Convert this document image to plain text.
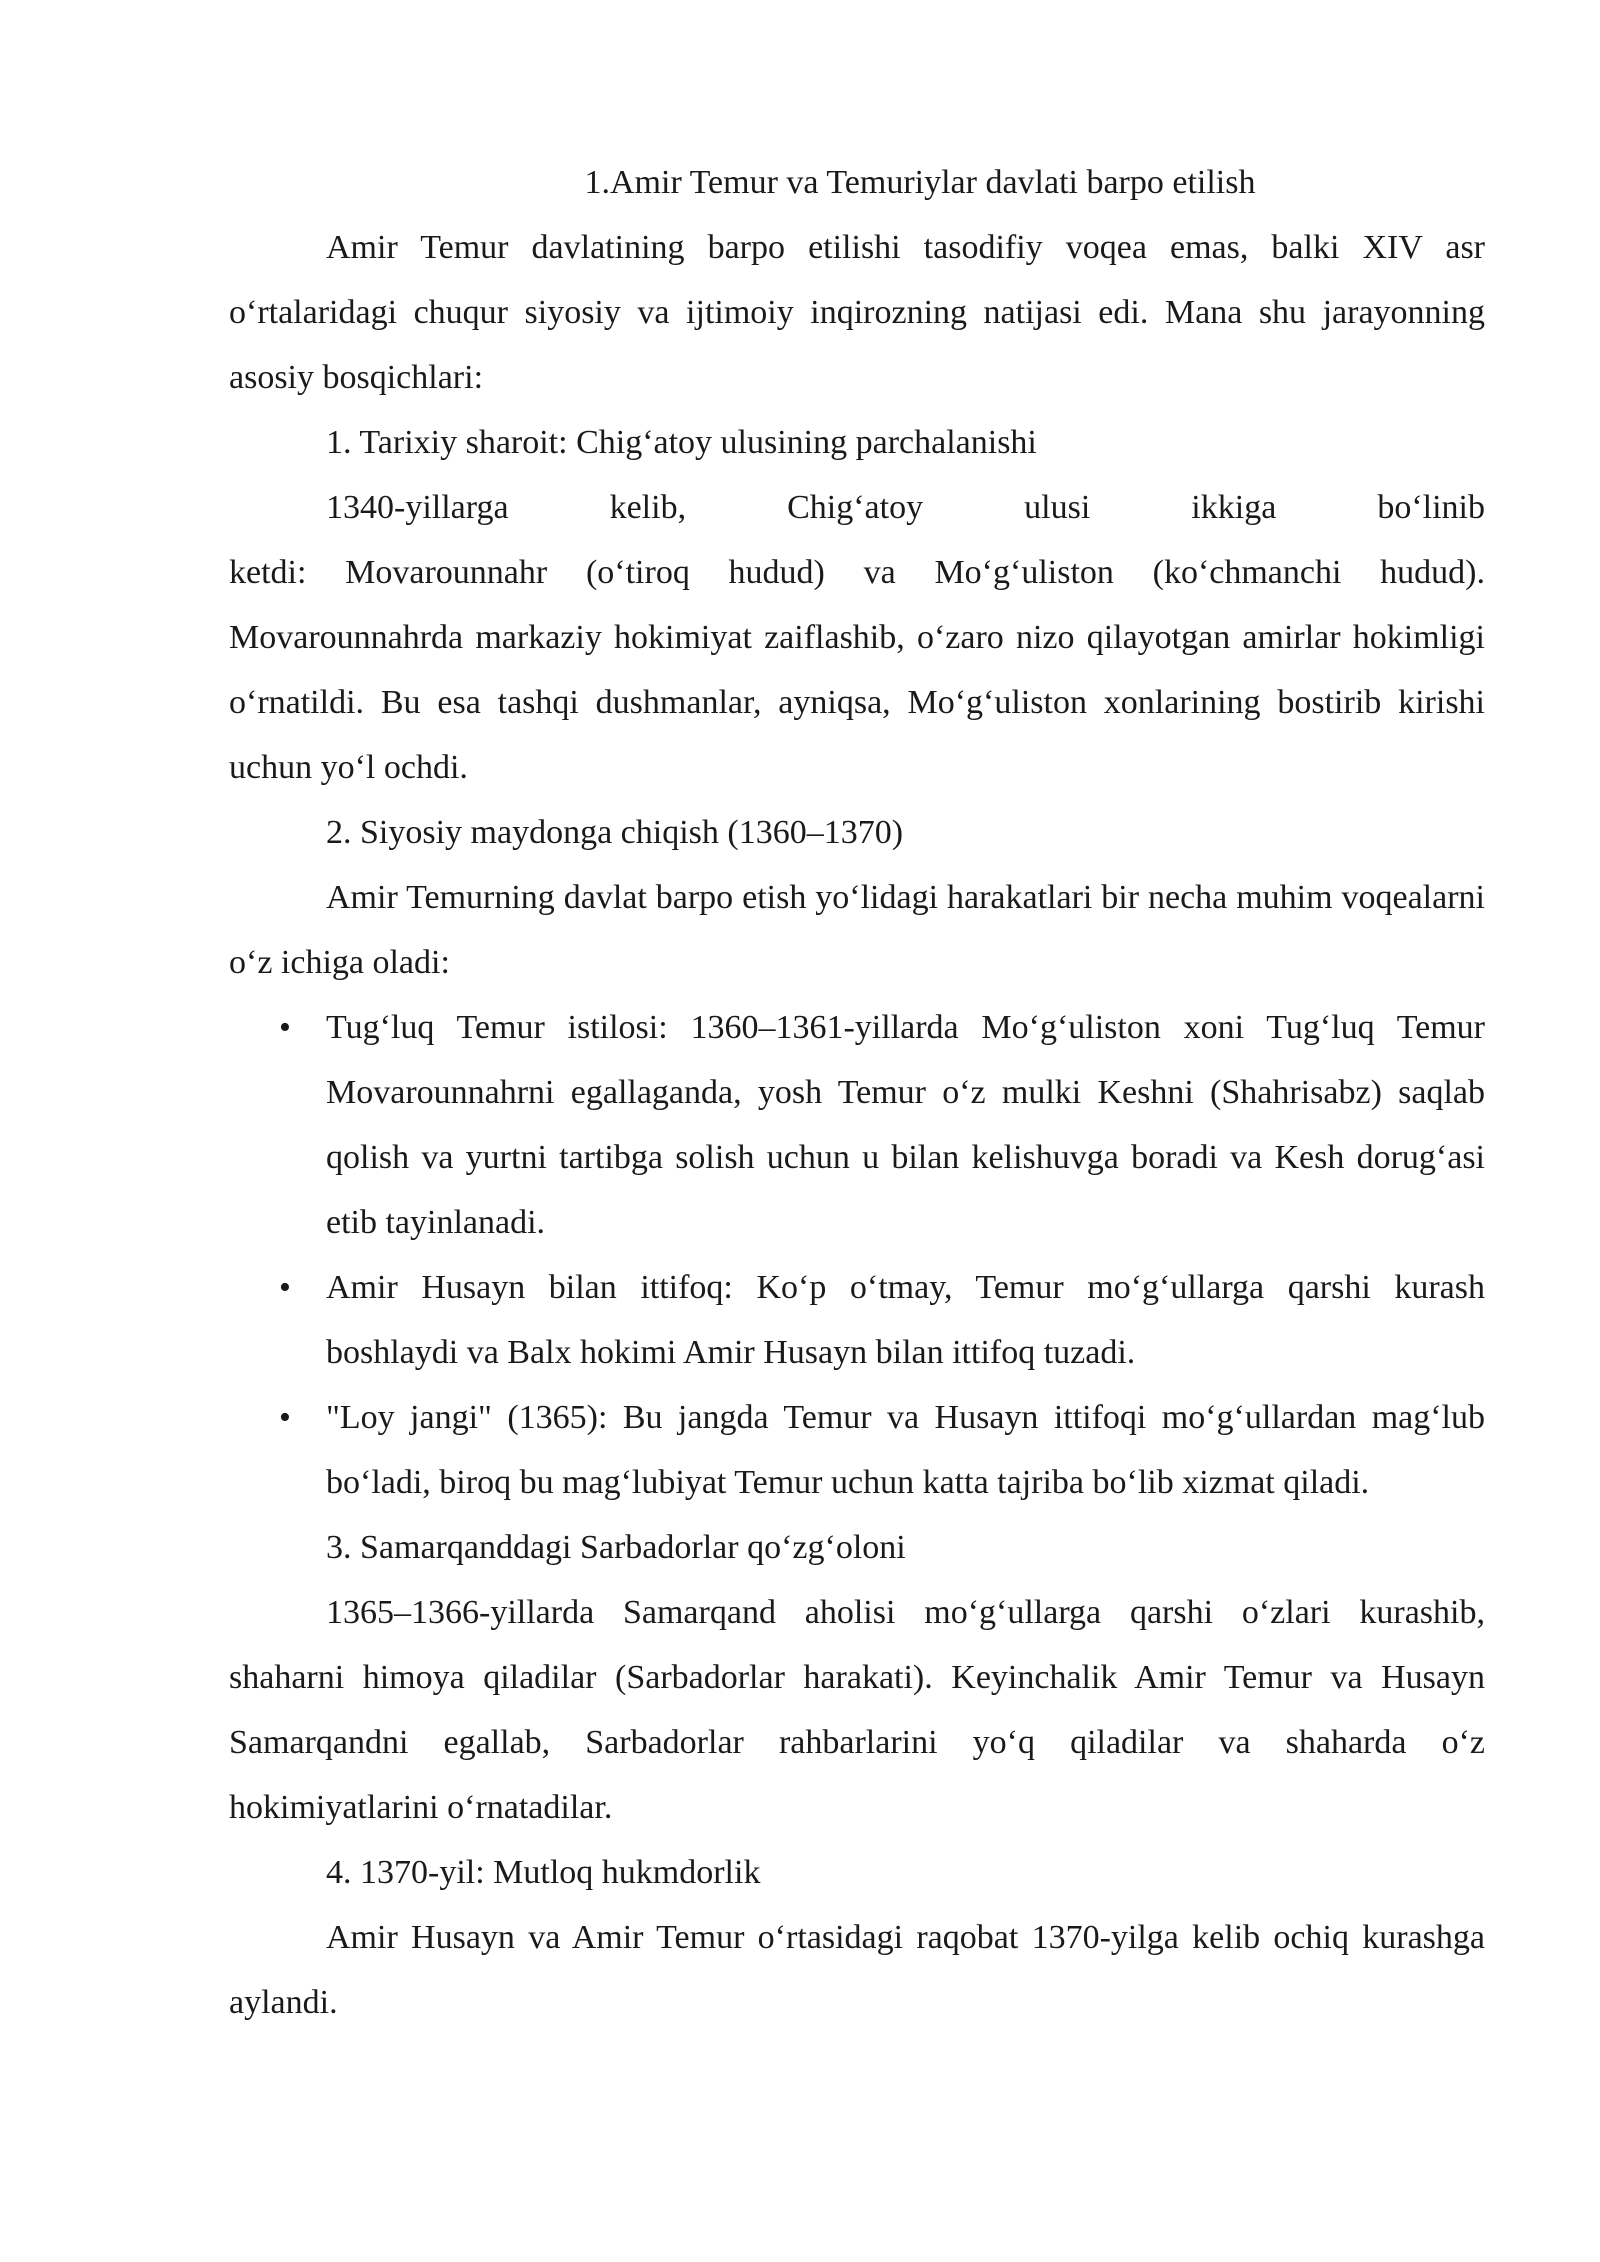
1.Amir Temur va Temuriylar davlati barpo etilish

Amir Temur davlatining barpo etilishi tasodifiy voqea emas, balki XIV asr o‘rtalaridagi chuqur siyosiy va ijtimoiy inqirozning natijasi edi. Mana shu jarayonning asosiy bosqichlari:

1. Tarixiy sharoit: Chig‘atoy ulusining parchalanishi

1340-yillarga kelib, Chig‘atoy ulusi ikkiga bo‘linib

ketdi: Movarounnahr (o‘tiroq hudud) va Mo‘g‘uliston (ko‘chmanchi hudud).

Movarounnahrda markaziy hokimiyat zaiflashib, o‘zaro nizo qilayotgan amirlar hokimligi o‘rnatildi. Bu esa tashqi dushmanlar, ayniqsa, Mo‘g‘uliston xonlarining bostirib kirishi uchun yo‘l ochdi.

2. Siyosiy maydonga chiqish (1360–1370)

Amir Temurning davlat barpo etish yo‘lidagi harakatlari bir necha muhim voqealarni o‘z ichiga oladi:

• Tug‘luq Temur istilosi: 1360–1361-yillarda Mo‘g‘uliston xoni Tug‘luq Temur Movarounnahrni egallaganda, yosh Temur o‘z mulki Keshni (Shahrisabz) saqlab qolish va yurtni tartibga solish uchun u bilan kelishuvga boradi va Kesh dorug‘asi etib tayinlanadi.
• Amir Husayn bilan ittifoq: Ko‘p o‘tmay, Temur mo‘g‘ullarga qarshi kurash boshlaydi va Balx hokimi Amir Husayn bilan ittifoq tuzadi.
• "Loy jangi" (1365): Bu jangda Temur va Husayn ittifoqi mo‘g‘ullardan mag‘lub bo‘ladi, biroq bu mag‘lubiyat Temur uchun katta tajriba bo‘lib xizmat qiladi.

3. Samarqanddagi Sarbadorlar qo‘zg‘oloni

1365–1366-yillarda Samarqand aholisi mo‘g‘ullarga qarshi o‘zlari kurashib, shaharni himoya qiladilar (Sarbadorlar harakati). Keyinchalik Amir Temur va Husayn Samarqandni egallab, Sarbadorlar rahbarlarini yo‘q qiladilar va shaharda o‘z hokimiyatlarini o‘rnatadilar.

4. 1370-yil: Mutloq hukmdorlik

Amir Husayn va Amir Temur o‘rtasidagi raqobat 1370-yilga kelib ochiq kurashga aylandi.
